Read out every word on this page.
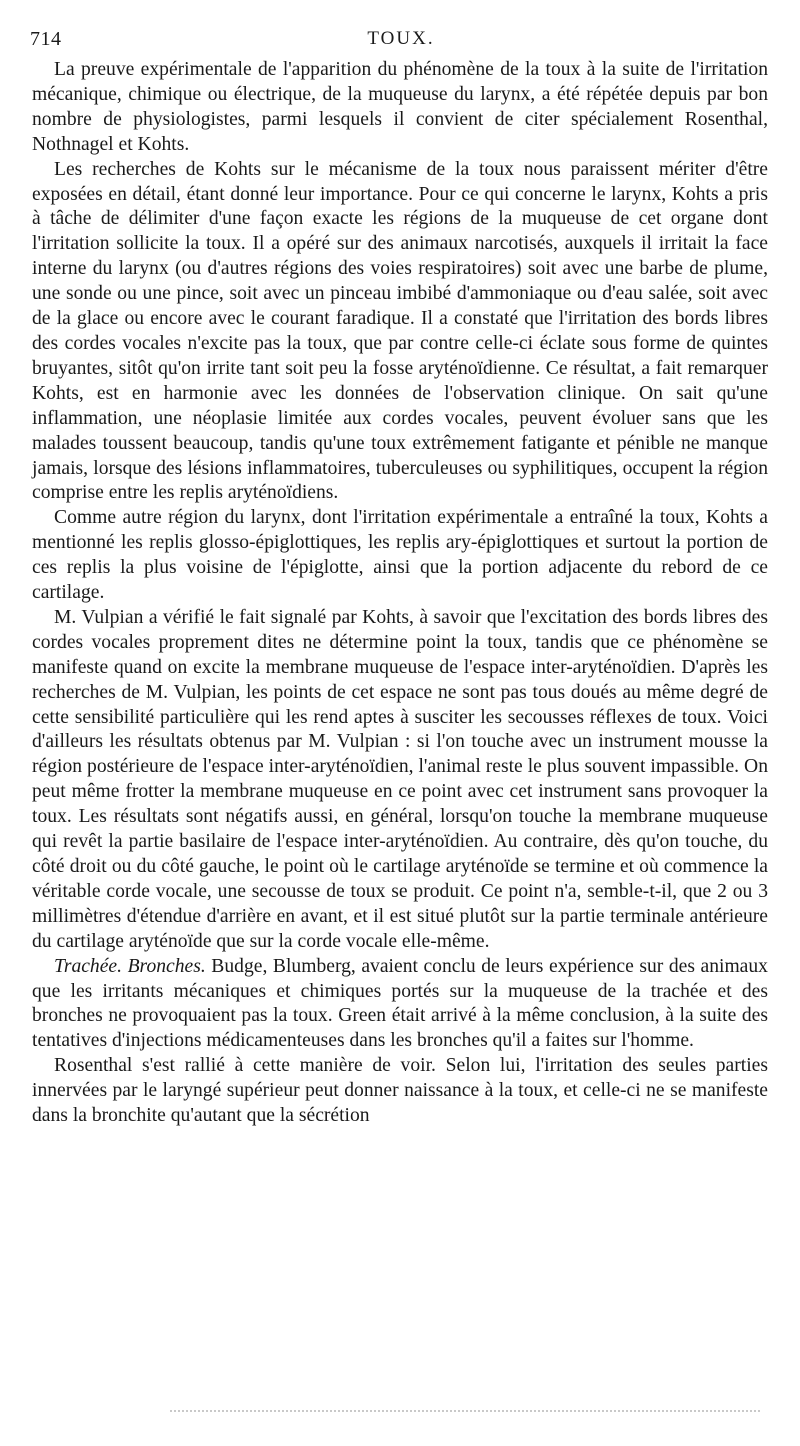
714	TOUX.

La preuve expérimentale de l'apparition du phénomène de la toux à la suite de l'irritation mécanique, chimique ou électrique, de la muqueuse du larynx, a été répétée depuis par bon nombre de physiologistes, parmi lesquels il convient de citer spécialement Rosenthal, Nothnagel et Kohts.

Les recherches de Kohts sur le mécanisme de la toux nous paraissent mériter d'être exposées en détail, étant donné leur importance. Pour ce qui concerne le larynx, Kohts a pris à tâche de délimiter d'une façon exacte les régions de la muqueuse de cet organe dont l'irritation sollicite la toux. Il a opéré sur des animaux narcotisés, auxquels il irritait la face interne du larynx (ou d'autres régions des voies respiratoires) soit avec une barbe de plume, une sonde ou une pince, soit avec un pinceau imbibé d'ammoniaque ou d'eau salée, soit avec de la glace ou encore avec le courant faradique. Il a constaté que l'irritation des bords libres des cordes vocales n'excite pas la toux, que par contre celle-ci éclate sous forme de quintes bruyantes, sitôt qu'on irrite tant soit peu la fosse aryténoïdienne. Ce résultat, a fait remarquer Kohts, est en harmonie avec les données de l'observation clinique. On sait qu'une inflammation, une néoplasie limitée aux cordes vocales, peuvent évoluer sans que les malades toussent beaucoup, tandis qu'une toux extrêmement fatigante et pénible ne manque jamais, lorsque des lésions inflammatoires, tuberculeuses ou syphilitiques, occupent la région comprise entre les replis aryténoïdiens.

Comme autre région du larynx, dont l'irritation expérimentale a entraîné la toux, Kohts a mentionné les replis glosso-épiglottiques, les replis ary-épiglottiques et surtout la portion de ces replis la plus voisine de l'épiglotte, ainsi que la portion adjacente du rebord de ce cartilage.

M. Vulpian a vérifié le fait signalé par Kohts, à savoir que l'excitation des bords libres des cordes vocales proprement dites ne détermine point la toux, tandis que ce phénomène se manifeste quand on excite la membrane muqueuse de l'espace inter-aryténoïdien. D'après les recherches de M. Vulpian, les points de cet espace ne sont pas tous doués au même degré de cette sensibilité particulière qui les rend aptes à susciter les secousses réflexes de toux. Voici d'ailleurs les résultats obtenus par M. Vulpian : si l'on touche avec un instrument mousse la région postérieure de l'espace inter-aryténoïdien, l'animal reste le plus souvent impassible. On peut même frotter la membrane muqueuse en ce point avec cet instrument sans provoquer la toux. Les résultats sont négatifs aussi, en général, lorsqu'on touche la membrane muqueuse qui revêt la partie basilaire de l'espace inter-aryténoïdien. Au contraire, dès qu'on touche, du côté droit ou du côté gauche, le point où le cartilage aryténoïde se termine et où commence la véritable corde vocale, une secousse de toux se produit. Ce point n'a, semble-t-il, que 2 ou 3 millimètres d'étendue d'arrière en avant, et il est situé plutôt sur la partie terminale antérieure du cartilage aryténoïde que sur la corde vocale elle-même.

Trachée. Bronches. Budge, Blumberg, avaient conclu de leurs expérience sur des animaux que les irritants mécaniques et chimiques portés sur la muqueuse de la trachée et des bronches ne provoquaient pas la toux. Green était arrivé à la même conclusion, à la suite des tentatives d'injections médicamenteuses dans les bronches qu'il a faites sur l'homme.

Rosenthal s'est rallié à cette manière de voir. Selon lui, l'irritation des seules parties innervées par le laryngé supérieur peut donner naissance à la toux, et celle-ci ne se manifeste dans la bronchite qu'autant que la sécrétion
